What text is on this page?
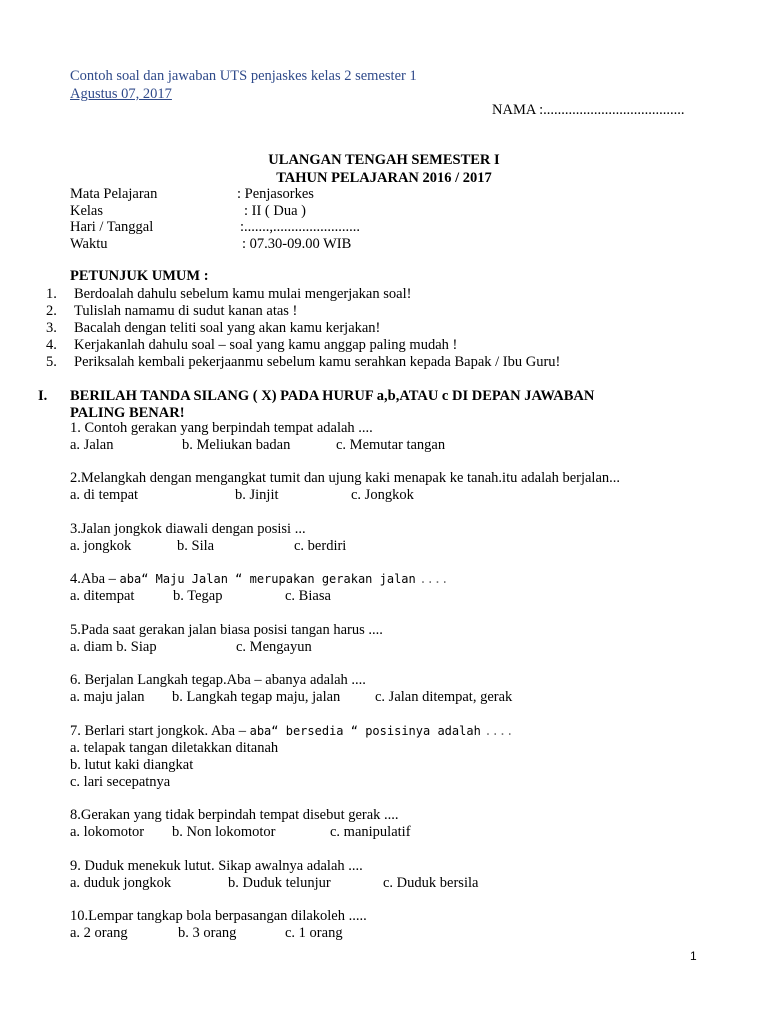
Contoh soal dan jawaban UTS penjaskes kelas 2 semester 1
Agustus 07, 2017
NAMA :.......................................
ULANGAN TENGAH SEMESTER I
TAHUN PELAJARAN 2016 / 2017
Mata Pelajaran	: Penjasorkes
Kelas	: II ( Dua )
Hari / Tanggal	:.......,........................
Waktu	: 07.30-09.00 WIB
PETUNJUK UMUM :
1. Berdoalah dahulu sebelum kamu mulai mengerjakan soal!
2. Tulislah namamu di sudut kanan atas !
3. Bacalah dengan teliti soal yang akan kamu kerjakan!
4. Kerjakanlah dahulu soal – soal yang kamu anggap paling mudah !
5. Periksalah kembali pekerjaanmu sebelum kamu serahkan kepada Bapak / Ibu Guru!
I. BERILAH TANDA SILANG ( X) PADA HURUF a,b,ATAU c DI DEPAN JAWABAN
PALING BENAR!
1. Contoh gerakan yang berpindah tempat adalah ....
a. Jalan	b. Meliukan badan	c. Memutar tangan
2.Melangkah dengan mengangkat tumit dan ujung kaki menapak ke tanah.itu adalah berjalan...
a. di tempat	b. Jinjit	c. Jongkok
3.Jalan jongkok diawali dengan posisi ...
a. jongkok	b. Sila	c. berdiri
4.Aba – aba“ Maju Jalan “ merupakan gerakan jalan ....
a. ditempat	b. Tegap	c. Biasa
5.Pada saat gerakan jalan biasa posisi tangan harus ....
a. diam b. Siap	c. Mengayun
6. Berjalan Langkah tegap.Aba – abanya adalah ....
a. maju jalan b. Langkah tegap maju, jalan c. Jalan ditempat, gerak
7. Berlari start jongkok. Aba – aba“ bersedia “ posisinya adalah ....
a. telapak tangan diletakkan ditanah
b. lutut kaki diangkat
c. lari secepatnya
8.Gerakan yang tidak berpindah tempat disebut gerak ....
a. lokomotor b. Non lokomotor	c. manipulatif
9. Duduk menekuk lutut. Sikap awalnya adalah ....
a. duduk jongkok	b. Duduk telunjur	c. Duduk bersila
10.Lempar tangkap bola berpasangan dilakoleh .....
a. 2 orang	b. 3 orang	c. 1 orang
1
